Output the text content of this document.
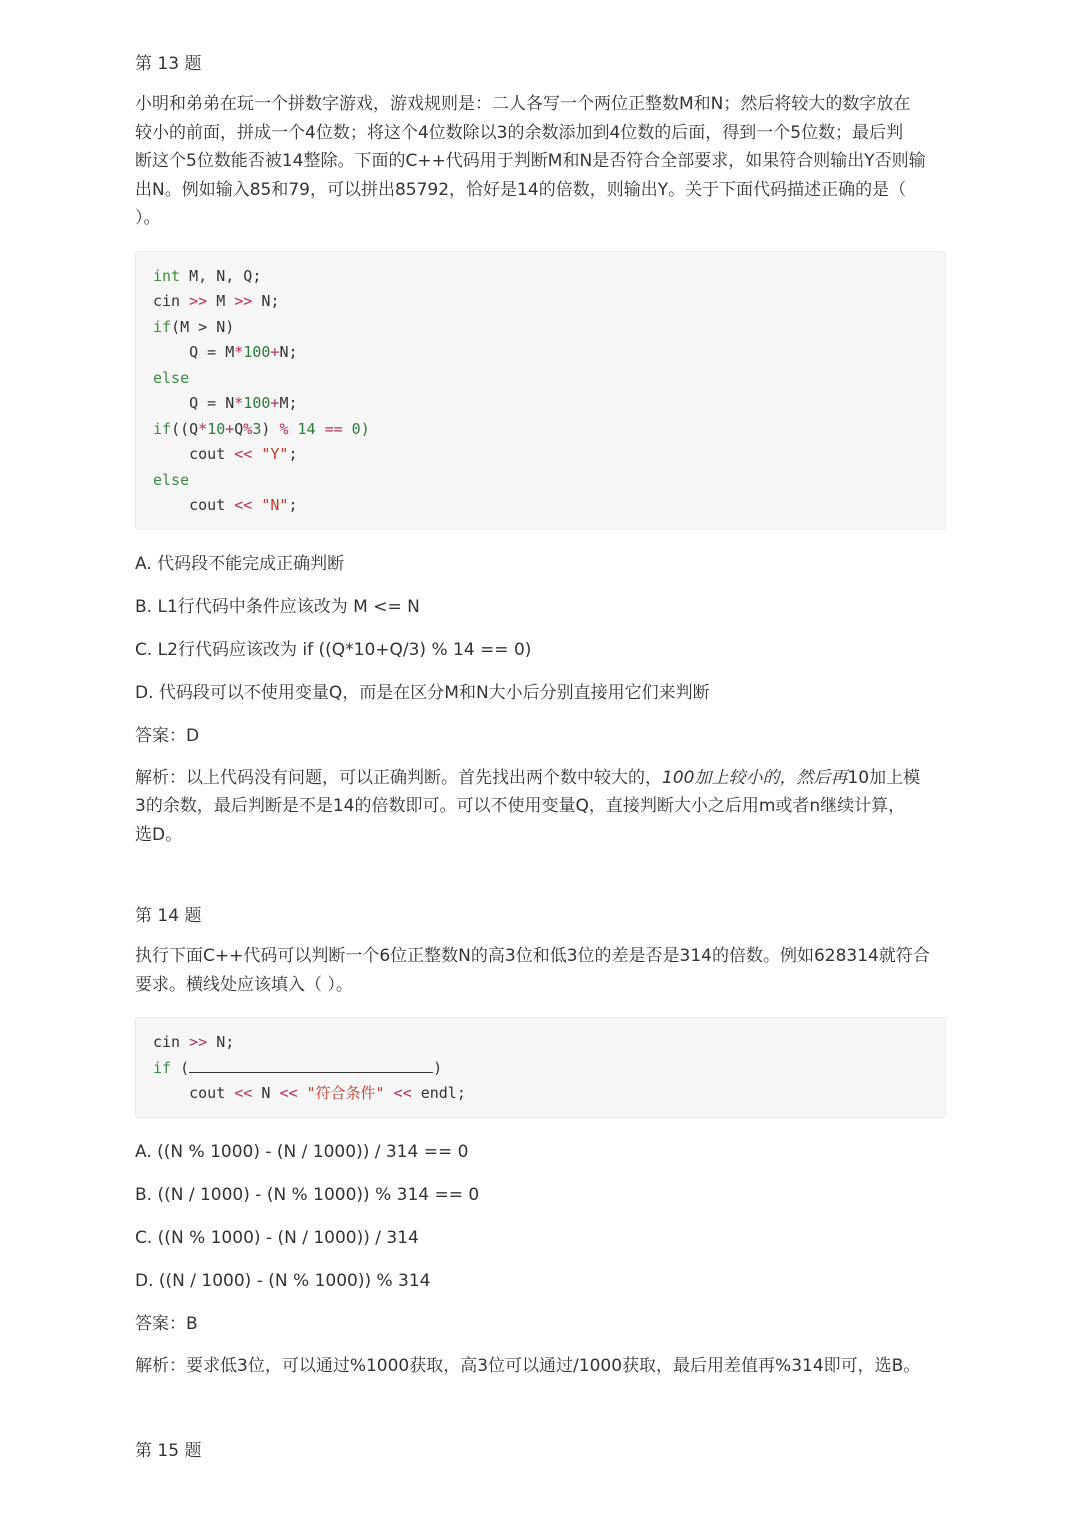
第 13 题

小明和弟弟在玩一个拼数字游戏，游戏规则是：二人各写一个两位正整数M和N；然后将较大的数字放在

较小的前面，拼成一个4位数；将这个4位数除以3的余数添加到4位数的后面，得到一个5位数；最后判

断这个5位数能否被14整除。下面的C++代码用于判断M和N是否符合全部要求，如果符合则输出Y否则输

出N。例如输入85和79，可以拼出85792，恰好是14的倍数，则输出Y。关于下面代码描述正确的是（

）。

int M, N, Q;
cin >> M >> N;
if(M > N)
Q = M*100+N;
else
Q = N*100+M;
if((Q*10+Q%3) % 14 == 0)
cout << "Y";
else
cout << "N";

A. 代码段不能完成正确判断

B. L1行代码中条件应该改为 M <= N

C. L2行代码应该改为 if ((Q*10+Q/3) % 14 == 0)

D. 代码段可以不使用变量Q，而是在区分M和N大小后分别直接用它们来判断

答案：D

解析：以上代码没有问题，可以正确判断。首先找出两个数中较大的，100加上较小的，然后再10加上模

3的余数，最后判断是不是14的倍数即可。可以不使用变量Q，直接判断大小之后用m或者n继续计算，

选D。

第 14 题

执行下面C++代码可以判断一个6位正整数N的高3位和低3位的差是否是314的倍数。例如628314就符合

要求。横线处应该填入（ ）。

cin >> N;
if (	)
cout << N << "符合条件" << endl;

A. ((N % 1000) - (N / 1000)) / 314 == 0

B. ((N / 1000) - (N % 1000)) % 314 == 0

C. ((N % 1000) - (N / 1000)) / 314

D. ((N / 1000) - (N % 1000)) % 314

答案：B

解析：要求低3位，可以通过%1000获取，高3位可以通过/1000获取，最后用差值再%314即可，选B。

第 15 题
